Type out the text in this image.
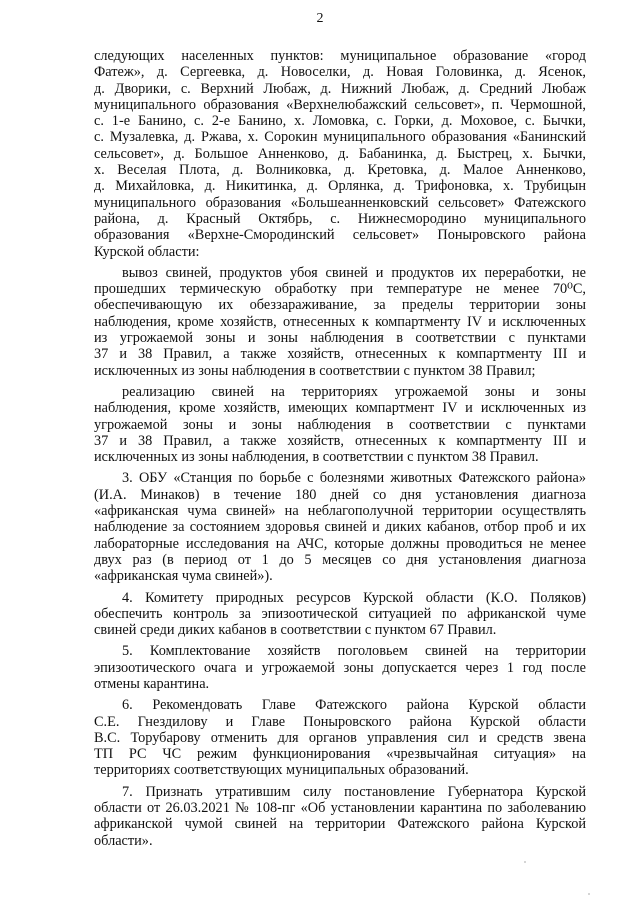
2
следующих населенных пунктов: муниципальное образование «город
Фатеж», д. Сергеевка, д. Новоселки, д. Новая Головинка, д. Ясенок,
д. Дворики, с. Верхний Любаж, д. Нижний Любаж, д. Средний Любаж
муниципального образования «Верхнелюбажский сельсовет», п. Чермошной,
с. 1-е Банино, с. 2-е Банино, х. Ломовка, с. Горки, д. Моховое, с. Бычки,
с. Музалевка, д. Ржава, х. Сорокин муниципального образования «Банинский
сельсовет», д. Большое Анненково, д. Бабанинка, д. Быстрец, х. Бычки,
х. Веселая Плота, д. Волниковка, д. Кретовка, д. Малое Анненково,
д. Михайловка, д. Никитинка, д. Орлянка, д. Трифоновка, х. Трубицын
муниципального образования «Большеанненковский сельсовет» Фатежского
района, д. Красный Октябрь, с. Нижнесмородино муниципального
образования «Верхне-Смородинский сельсовет» Поныровского района
Курской области:
вывоз свиней, продуктов убоя свиней и продуктов их переработки, не
прошедших термическую обработку при температуре не менее 70⁰С,
обеспечивающую их обеззараживание, за пределы территории зоны
наблюдения, кроме хозяйств, отнесенных к компартменту IV и исключенных
из угрожаемой зоны и зоны наблюдения в соответствии с пунктами
37 и 38 Правил, а также хозяйств, отнесенных к компартменту III и
исключенных из зоны наблюдения в соответствии с пунктом 38 Правил;
реализацию свиней на территориях угрожаемой зоны и зоны
наблюдения, кроме хозяйств, имеющих компартмент IV и исключенных из
угрожаемой зоны и зоны наблюдения в соответствии с пунктами
37 и 38 Правил, а также хозяйств, отнесенных к компартменту III и
исключенных из зоны наблюдения, в соответствии с пунктом 38 Правил.
3. ОБУ «Станция по борьбе с болезнями животных Фатежского района»
(И.А. Минаков) в течение 180 дней со дня установления диагноза
«африканская чума свиней» на неблагополучной территории осуществлять
наблюдение за состоянием здоровья свиней и диких кабанов, отбор проб и их
лабораторные исследования на АЧС, которые должны проводиться не менее
двух раз (в период от 1 до 5 месяцев со дня установления диагноза
«африканская чума свиней»).
4. Комитету природных ресурсов Курской области (К.О. Поляков)
обеспечить контроль за эпизоотической ситуацией по африканской чуме
свиней среди диких кабанов в соответствии с пунктом 67 Правил.
5. Комплектование хозяйств поголовьем свиней на территории
эпизоотического очага и угрожаемой зоны допускается через 1 год после
отмены карантина.
6. Рекомендовать Главе Фатежского района Курской области
С.Е. Гнездилову и Главе Поныровского района Курской области
В.С. Торубарову отменить для органов управления сил и средств звена
ТП РС ЧС режим функционирования «чрезвычайная ситуация» на
территориях соответствующих муниципальных образований.
7. Признать утратившим силу постановление Губернатора Курской
области от 26.03.2021 № 108-пг «Об установлении карантина по заболеванию
африканской чумой свиней на территории Фатежского района Курской
области».
